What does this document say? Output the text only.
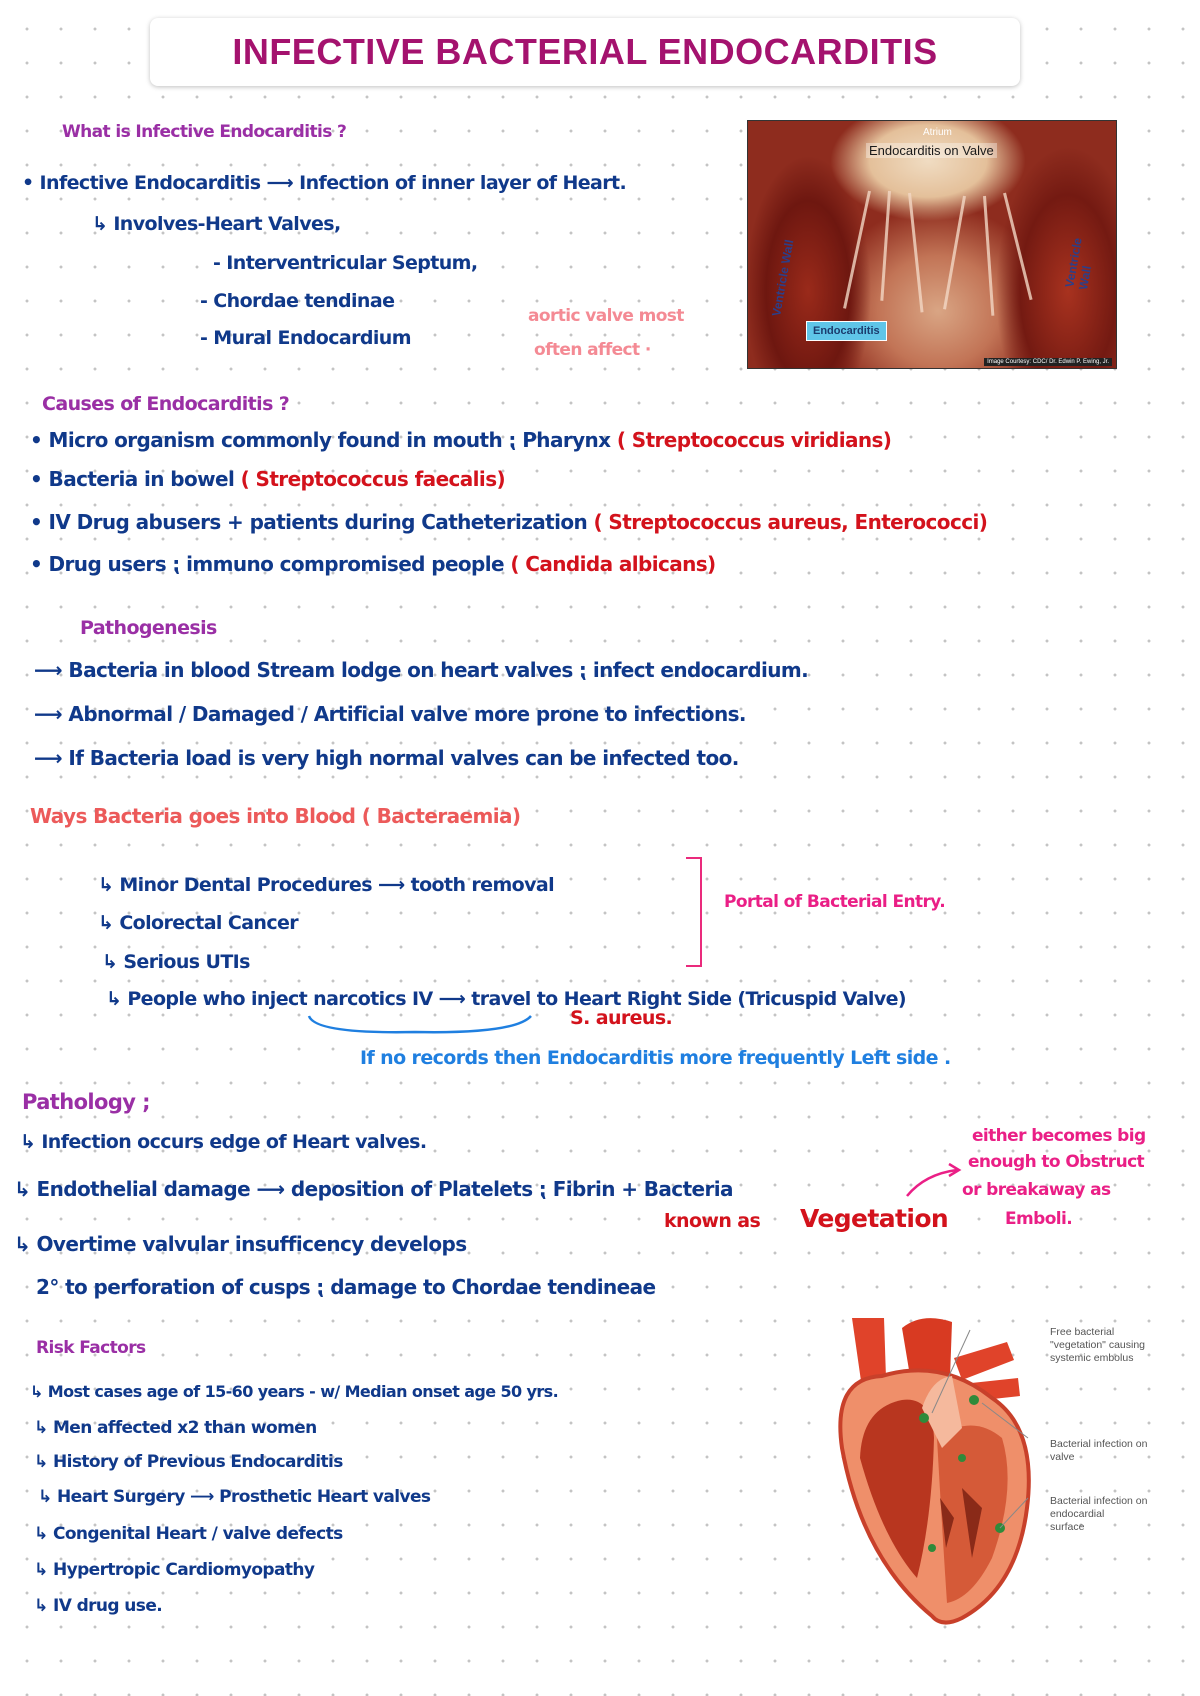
INFECTIVE BACTERIAL ENDOCARDITIS
What is Infective Endocarditis ?
• Infective Endocarditis ⟶ Infection of inner layer of Heart.
↳ Involves-Heart Valves,
- Interventricular Septum,
- Chordae tendinae
- Mural Endocardium
aortic valve most
often affect ·
Atrium
Endocarditis on Valve
Ventricle Wall	Ventricle Wall
Endocarditis
Image Courtesy: CDC/ Dr. Edwin P. Ewing, Jr.
Causes of Endocarditis ?
• Micro organism commonly found in mouth ⁏ Pharynx ( Streptococcus viridians)
• Bacteria in bowel ( Streptococcus faecalis)
• IV Drug abusers + patients during Catheterization ( Streptococcus aureus, Enterococci)
• Drug users ⁏ immuno compromised people ( Candida albicans)
Pathogenesis
⟶ Bacteria in blood Stream lodge on heart valves ⁏ infect endocardium.
⟶ Abnormal / Damaged / Artificial valve more prone to infections.
⟶ If Bacteria load is very high normal valves can be infected too.
Ways Bacteria goes into Blood ( Bacteraemia)
↳ Minor Dental Procedures ⟶ tooth removal
↳ Colorectal Cancer
↳ Serious UTIs
↳ People who inject narcotics IV ⟶ travel to Heart Right Side (Tricuspid Valve)
Portal of Bacterial Entry.
S. aureus.
If no records then Endocarditis more frequently Left side .
Pathology ;
↳ Infection occurs edge of Heart valves.
↳ Endothelial damage ⟶ deposition of Platelets ⁏ Fibrin + Bacteria
known as Vegetation
either becomes big
enough to Obstruct
or breakaway as
Emboli.
↳ Overtime valvular insufficency develops
2° to perforation of cusps ⁏ damage to Chordae tendineae
Risk Factors
↳ Most cases age of 15-60 years - w/ Median onset age 50 yrs.
↳ Men affected x2 than women
↳ History of Previous Endocarditis
↳ Heart Surgery ⟶ Prosthetic Heart valves
↳ Congenital Heart / valve defects
↳ Hypertropic Cardiomyopathy
↳ IV drug use.
Free bacterial
"vegetation" causing
systemic embolus
Bacterial infection on
valve
Bacterial infection on
endocardial
surface
